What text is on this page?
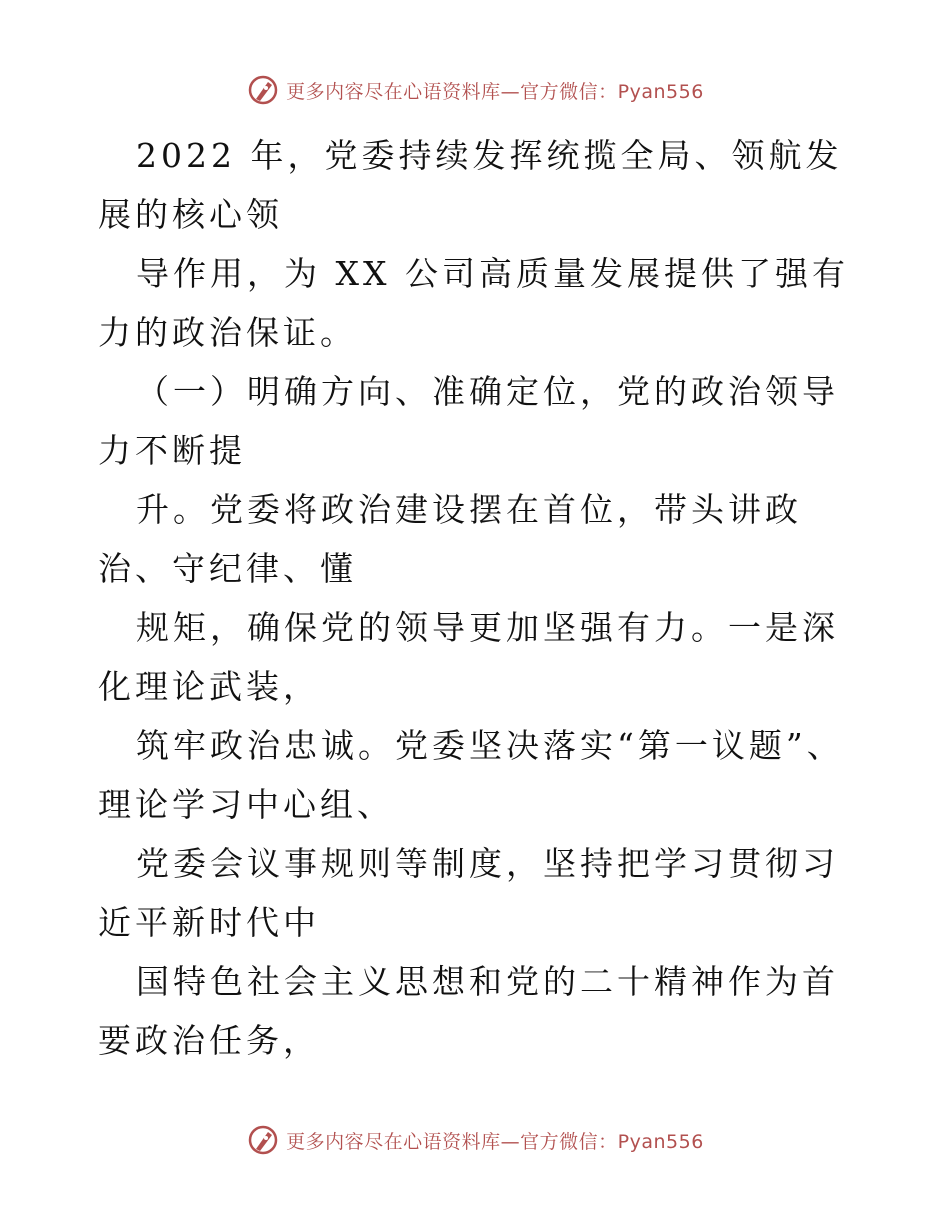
更多内容尽在心语资料库—官方微信：Pyan556

2022 年，党委持续发挥统揽全局、领航发展的核心领

导作用，为 XX 公司高质量发展提供了强有力的政治保证。

（一）明确方向、准确定位，党的政治领导力不断提

升。党委将政治建设摆在首位，带头讲政治、守纪律、懂

规矩，确保党的领导更加坚强有力。一是深化理论武装，

筑牢政治忠诚。党委坚决落实“第一议题”、理论学习中心组、

党委会议事规则等制度，坚持把学习贯彻习近平新时代中

国特色社会主义思想和党的二十精神作为首要政治任务，

更多内容尽在心语资料库—官方微信：Pyan556
